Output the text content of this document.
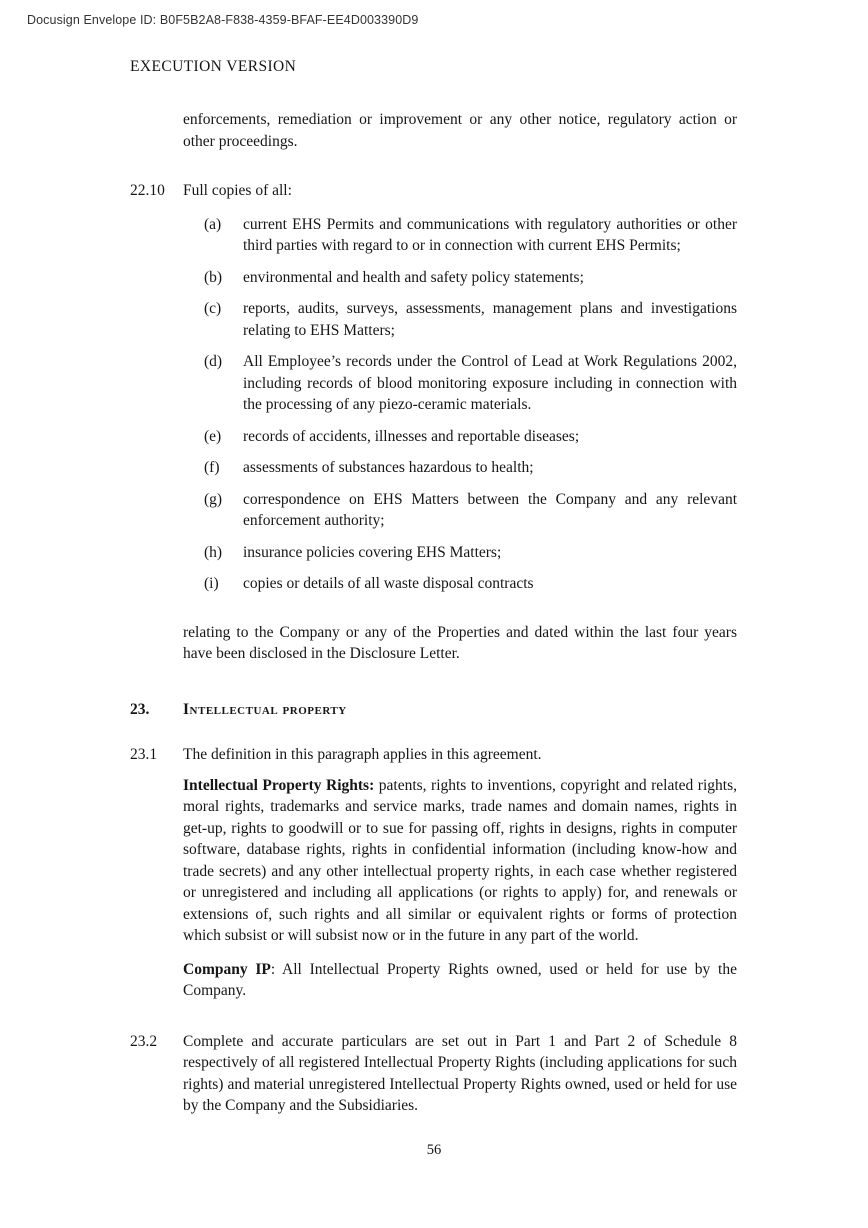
Docusign Envelope ID: B0F5B2A8-F838-4359-BFAF-EE4D003390D9
EXECUTION VERSION

enforcements, remediation or improvement or any other notice, regulatory action or other proceedings.

22.10	Full copies of all:

(a)	current EHS Permits and communications with regulatory authorities or other third parties with regard to or in connection with current EHS Permits;

(b)	environmental and health and safety policy statements;

(c)	reports, audits, surveys, assessments, management plans and investigations relating to EHS Matters;

(d)	All Employee’s records under the Control of Lead at Work Regulations 2002, including records of blood monitoring exposure including in connection with the processing of any piezo-ceramic materials.

(e)	records of accidents, illnesses and reportable diseases;

(f)	assessments of substances hazardous to health;

(g)	correspondence on EHS Matters between the Company and any relevant enforcement authority;

(h)	insurance policies covering EHS Matters;

(i)	copies or details of all waste disposal contracts

relating to the Company or any of the Properties and dated within the last four years have been disclosed in the Disclosure Letter.

23.	Intellectual property
23.1	The definition in this paragraph applies in this agreement.

Intellectual Property Rights: patents, rights to inventions, copyright and related rights, moral rights, trademarks and service marks, trade names and domain names, rights in get-up, rights to goodwill or to sue for passing off, rights in designs, rights in computer software, database rights, rights in confidential information (including know-how and trade secrets) and any other intellectual property rights, in each case whether registered or unregistered and including all applications (or rights to apply) for, and renewals or extensions of, such rights and all similar or equivalent rights or forms of protection which subsist or will subsist now or in the future in any part of the world.

Company IP: All Intellectual Property Rights owned, used or held for use by the Company.

23.2	Complete and accurate particulars are set out in Part 1 and Part 2 of Schedule 8 respectively of all registered Intellectual Property Rights (including applications for such rights) and material unregistered Intellectual Property Rights owned, used or held for use by the Company and the Subsidiaries.

56
